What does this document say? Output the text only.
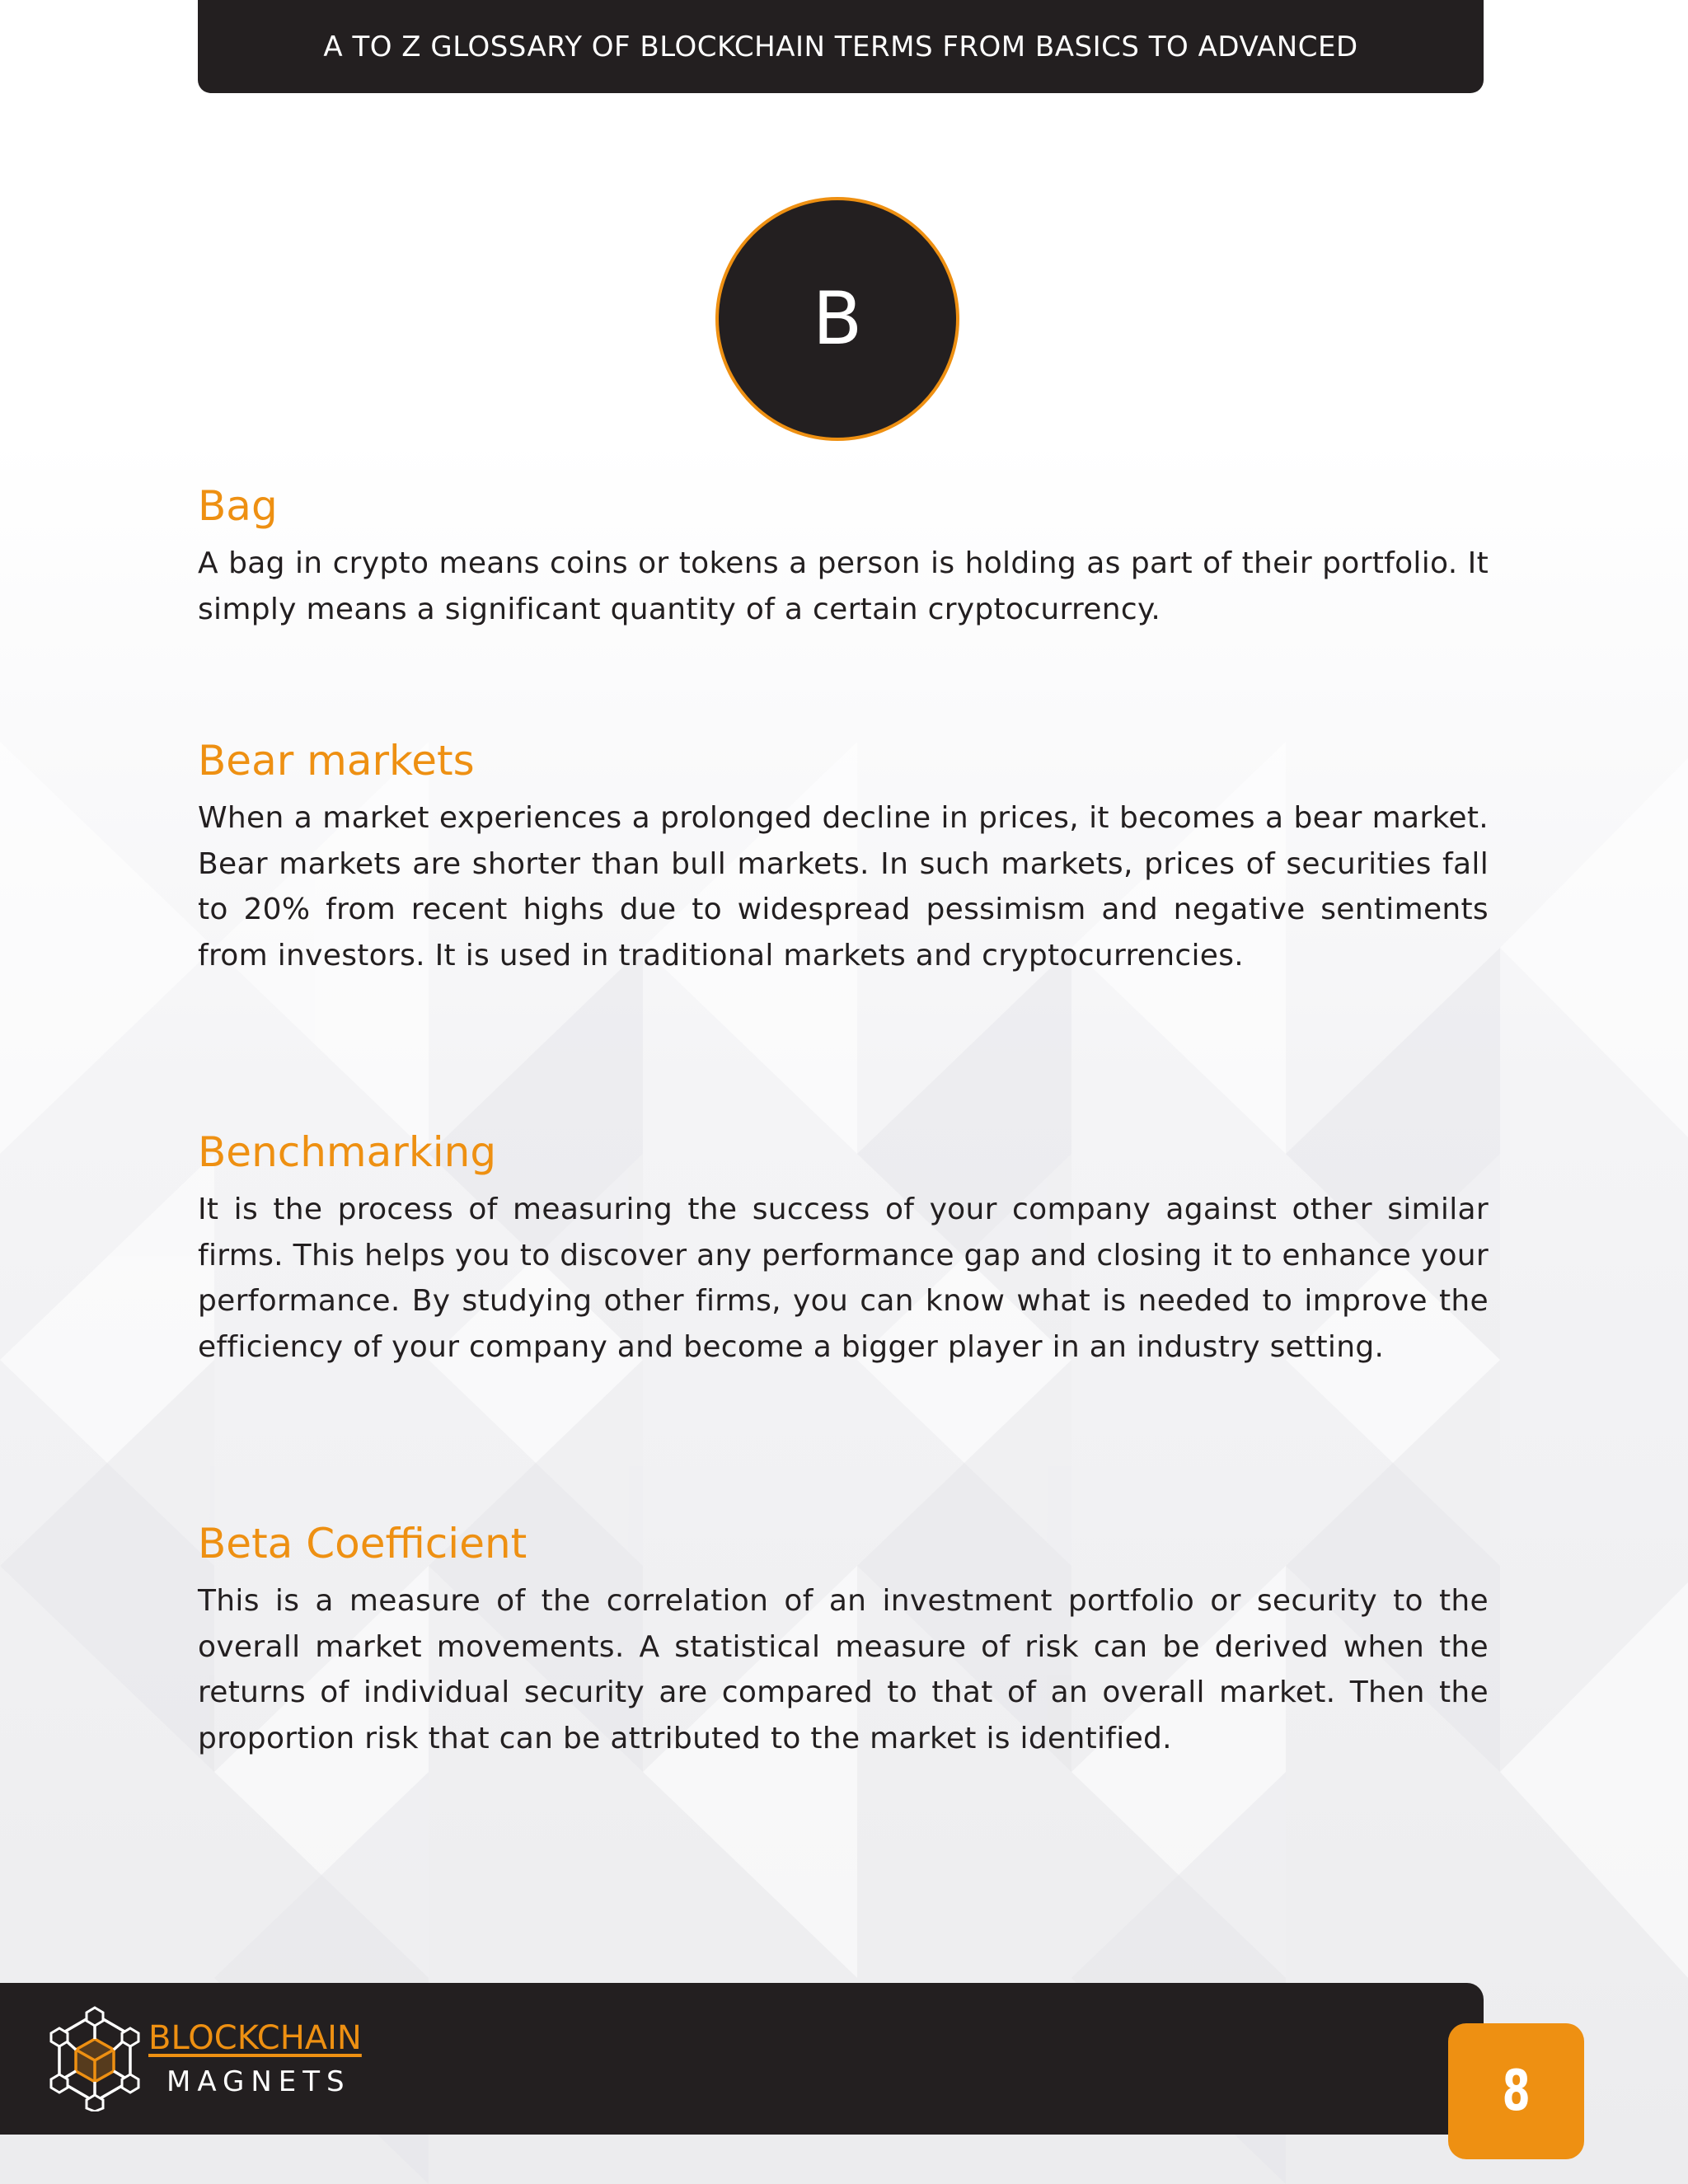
A TO Z GLOSSARY OF BLOCKCHAIN TERMS FROM BASICS TO ADVANCED
B
Bag

A bag in crypto means coins or tokens a person is holding as part of their portfolio. It simply means a significant quantity of a certain cryptocurrency.

Bear markets

When a market experiences a prolonged decline in prices, it becomes a bear market. Bear markets are shorter than bull markets. In such markets, prices of securities fall to 20% from recent highs due to widespread pessimism and negative sentiments from investors. It is used in traditional markets and cryptocurrencies.

Benchmarking

It is the process of measuring the success of your company against other similar firms. This helps you to discover any performance gap and closing it to enhance your performance. By studying other firms, you can know what is needed to improve the efficiency of your company and become a bigger player in an industry setting.

Beta Coefficient

This is a measure of the correlation of an investment portfolio or security to the overall market movements. A statistical measure of risk can be derived when the returns of individual security are compared to that of an overall market. Then the proportion risk that can be attributed to the market is identified.

BLOCKCHAIN
MAGNETS	8
